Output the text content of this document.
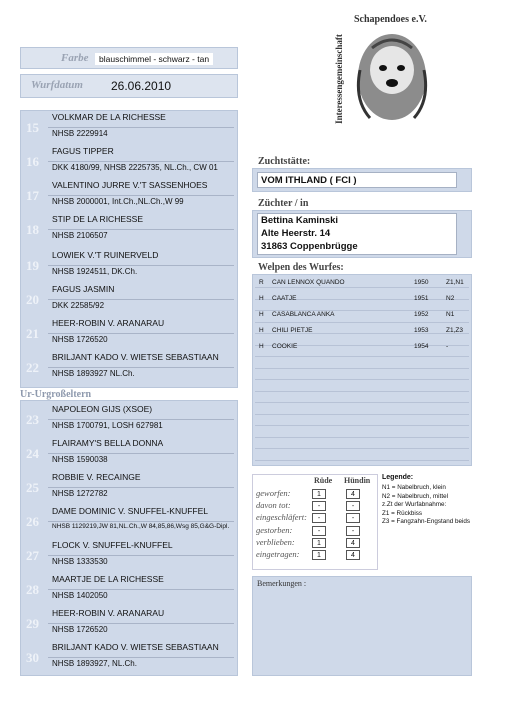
Farbe	blauschimmel - schwarz - tan
Wurfdatum 26.06.2010
Ur-Urgroßeltern
15
VOLKMAR DE LA RICHESSE
NHSB 2229914
16
FAGUS TIPPER
DKK 4180/99, NHSB 2225735, NL.Ch., CW 01
17
VALENTINO JURRE V.'T SASSENHOES
NHSB 2000001, Int.Ch.,NL.Ch.,W 99
18
STIP DE LA RICHESSE
NHSB 2106507
19
LOWIEK V.'T RUINERVELD
NHSB 1924511, DK.Ch.
20
FAGUS JASMIN
DKK 22585/92
21
HEER-ROBIN V. ARANARAU
NHSB 1726520
22
BRILJANT KADO V. WIETSE SEBASTIAAN
NHSB 1893927 NL.Ch.
23
NAPOLEON GIJS (XSOE)
NHSB 1700791, LOSH 627981
24
FLAIRAMY'S BELLA DONNA
NHSB 1590038
25
ROBBIE V. RECAINGE
NHSB 1272782
26
DAME DOMINIC V. SNUFFEL-KNUFFEL
NHSB 1129219,JW 81,NL.Ch.,W 84,85,86,Wsg 85,G&G-Dipl.
27
FLOCK V. SNUFFEL-KNUFFEL
NHSB 1333530
28
MAARTJE DE LA RICHESSE
NHSB 1402050
29
HEER-ROBIN V. ARANARAU
NHSB 1726520
30
BRILJANT KADO V. WIETSE SEBASTIAAN
NHSB 1893927, NL.Ch.
Schapendoes e.V.
Interessengemeinschaft
Zuchtstätte:
VOM ITHLAND ( FCI )
Züchter / in
Bettina Kaminski
Alte Heerstr. 14
31863 Coppenbrügge
Welpen des Wurfes:
R CAN LENNOX QUANDO	1950	Z1,N1
H CAATJE	1951	N2
H CASABLANCA ANKA	1952	N1
H CHILI PIETJE	1953	Z1,Z3
H COOKIE	1954	-
Rüde Hündin
geworfen:	1	4
davon tot:	-	-
eingeschläfert:	-	-
gestorben:	-	-
verblieben:	1	4
eingetragen:	1	4
Legende:
N1 = Nabelbruch, klein
N2 = Nabelbruch, mittel
z.Zt der Wurfabnahme:
Z1 = Rückbiss
Z3 = Fangzahn-Engstand beids
Bemerkungen :
